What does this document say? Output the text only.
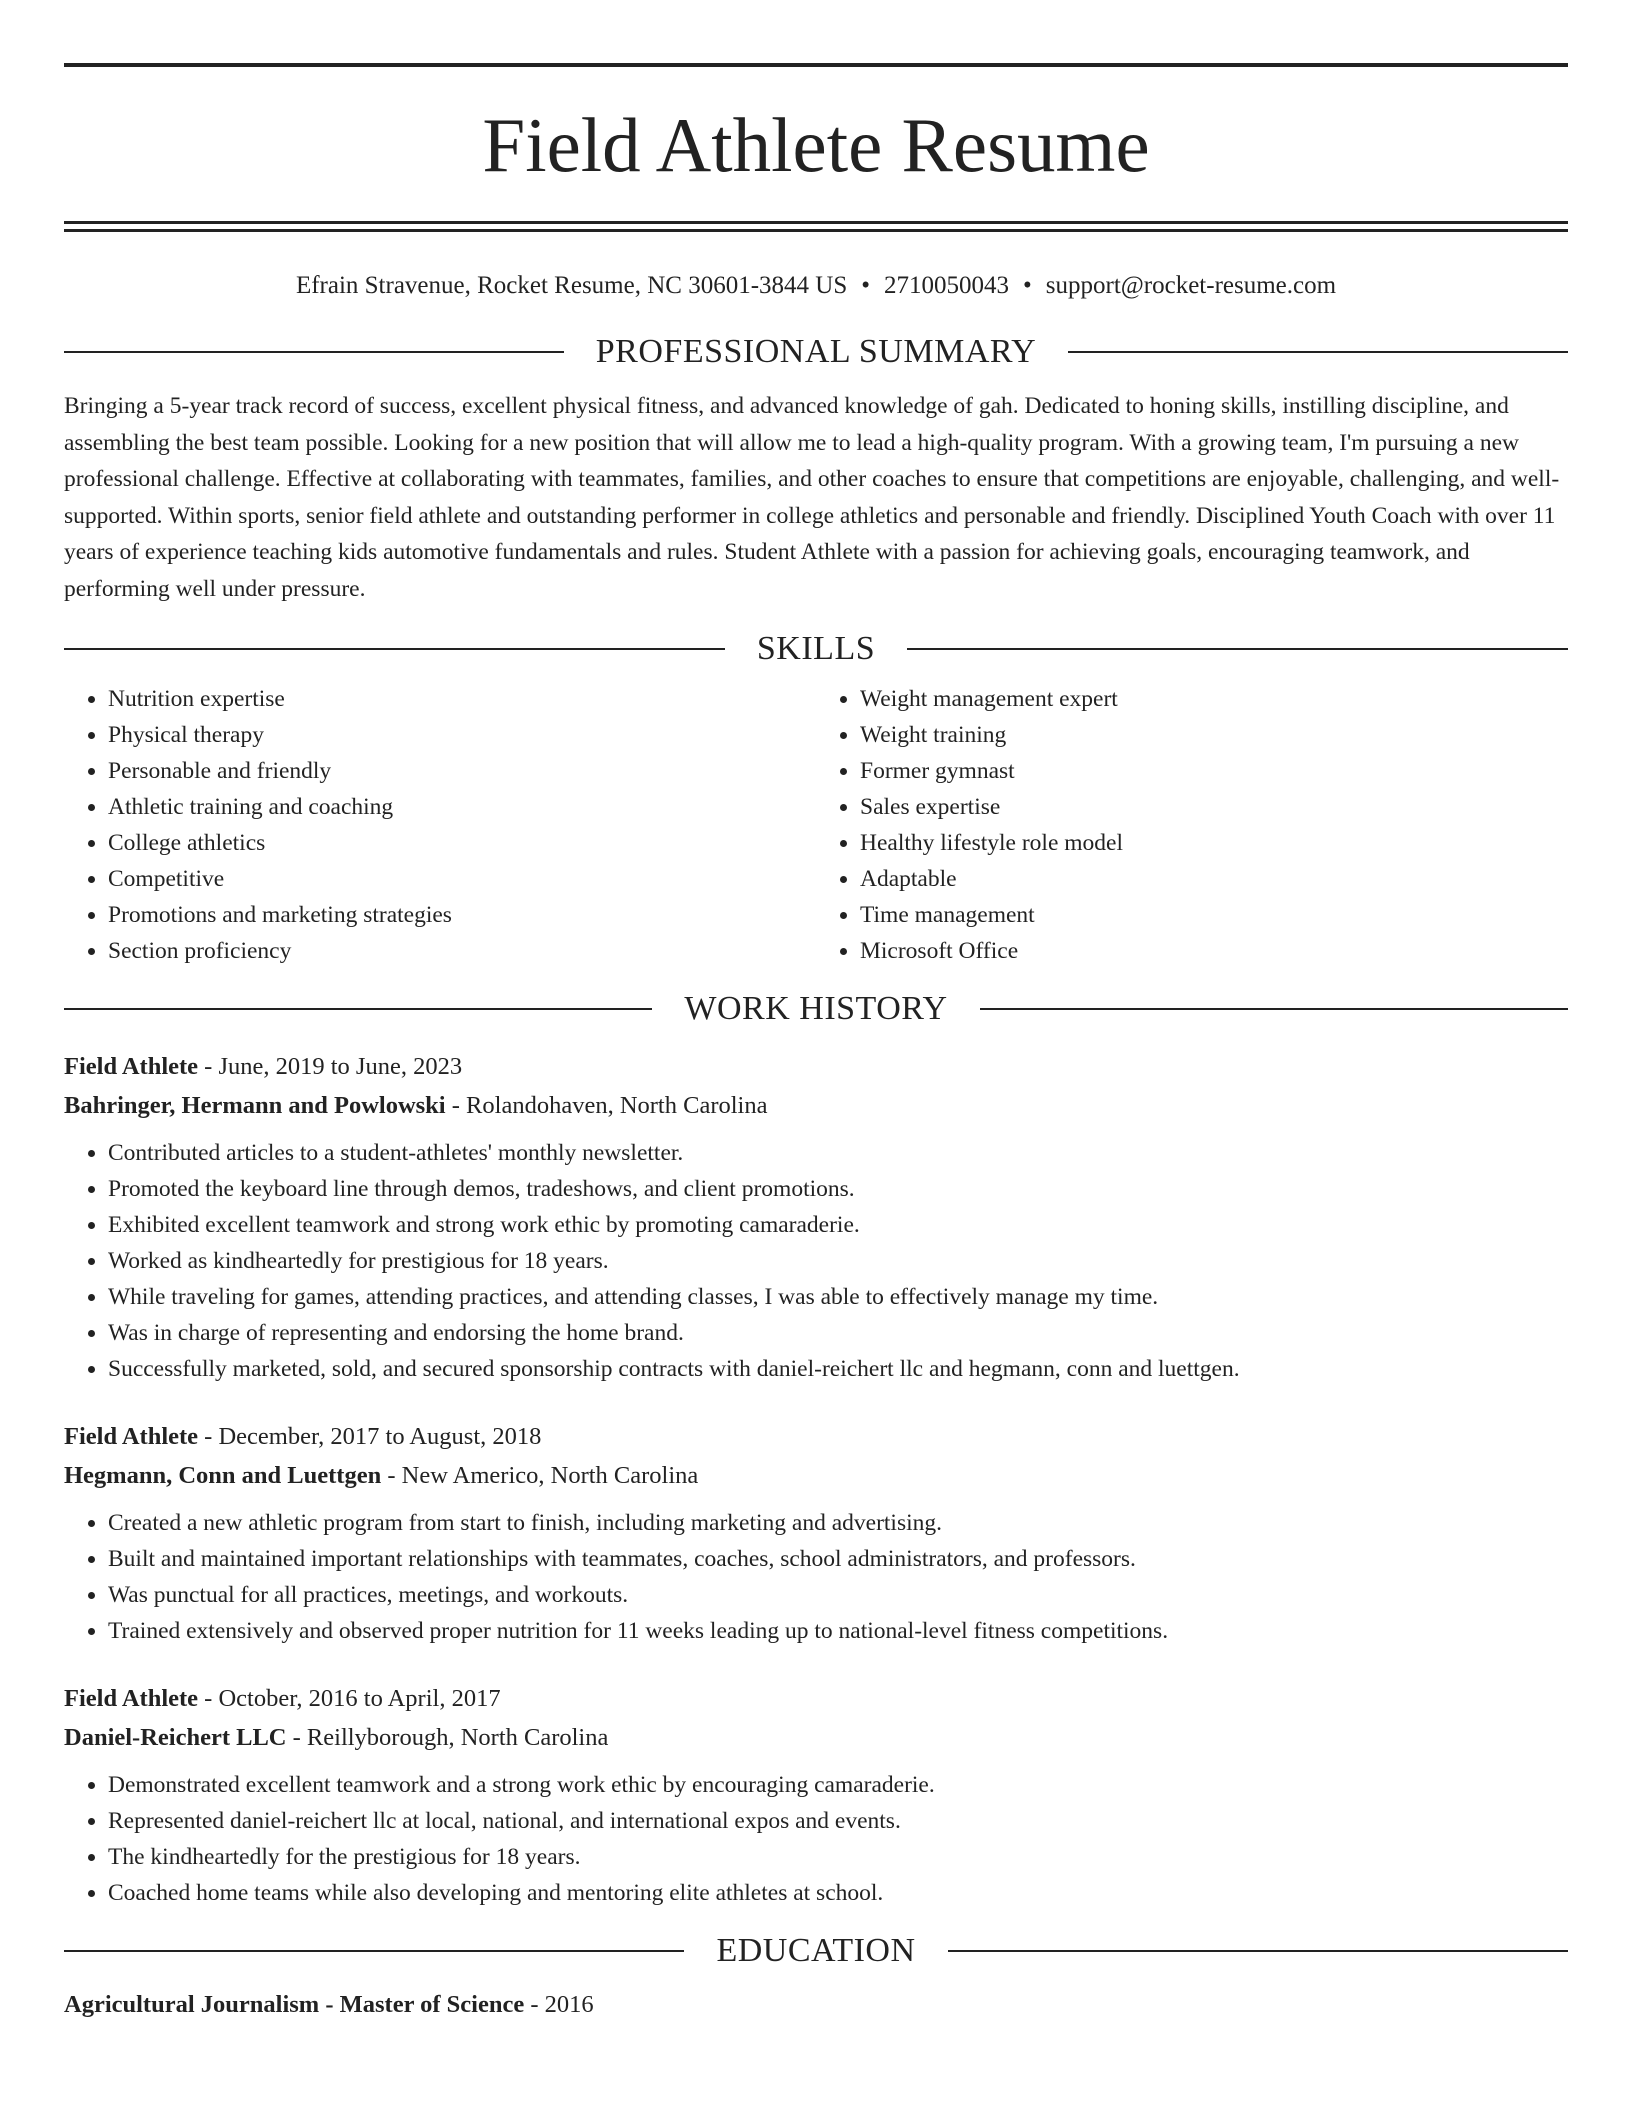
Field Athlete Resume
Efrain Stravenue, Rocket Resume, NC 30601-3844 US • 2710050043 • support@rocket-resume.com
PROFESSIONAL SUMMARY

Bringing a 5-year track record of success, excellent physical fitness, and advanced knowledge of gah. Dedicated to honing skills, instilling discipline, and assembling the best team possible. Looking for a new position that will allow me to lead a high-quality program. With a growing team, I'm pursuing a new professional challenge. Effective at collaborating with teammates, families, and other coaches to ensure that competitions are enjoyable, challenging, and well-supported. Within sports, senior field athlete and outstanding performer in college athletics and personable and friendly. Disciplined Youth Coach with over 11 years of experience teaching kids automotive fundamentals and rules. Student Athlete with a passion for achieving goals, encouraging teamwork, and performing well under pressure.

SKILLS
• Nutrition expertise
• Physical therapy
• Personable and friendly
• Athletic training and coaching
• College athletics
• Competitive
• Promotions and marketing strategies
• Section proficiency
• Weight management expert
• Weight training
• Former gymnast
• Sales expertise
• Healthy lifestyle role model
• Adaptable
• Time management
• Microsoft Office
WORK HISTORY
Field Athlete - June, 2019 to June, 2023
Bahringer, Hermann and Powlowski - Rolandohaven, North Carolina
• Contributed articles to a student-athletes' monthly newsletter.
• Promoted the keyboard line through demos, tradeshows, and client promotions.
• Exhibited excellent teamwork and strong work ethic by promoting camaraderie.
• Worked as kindheartedly for prestigious for 18 years.
• While traveling for games, attending practices, and attending classes, I was able to effectively manage my time.
• Was in charge of representing and endorsing the home brand.
• Successfully marketed, sold, and secured sponsorship contracts with daniel-reichert llc and hegmann, conn and luettgen.
Field Athlete - December, 2017 to August, 2018
Hegmann, Conn and Luettgen - New Americo, North Carolina
• Created a new athletic program from start to finish, including marketing and advertising.
• Built and maintained important relationships with teammates, coaches, school administrators, and professors.
• Was punctual for all practices, meetings, and workouts.
• Trained extensively and observed proper nutrition for 11 weeks leading up to national-level fitness competitions.
Field Athlete - October, 2016 to April, 2017
Daniel-Reichert LLC - Reillyborough, North Carolina
• Demonstrated excellent teamwork and a strong work ethic by encouraging camaraderie.
• Represented daniel-reichert llc at local, national, and international expos and events.
• The kindheartedly for the prestigious for 18 years.
• Coached home teams while also developing and mentoring elite athletes at school.
EDUCATION
Agricultural Journalism - Master of Science - 2016
